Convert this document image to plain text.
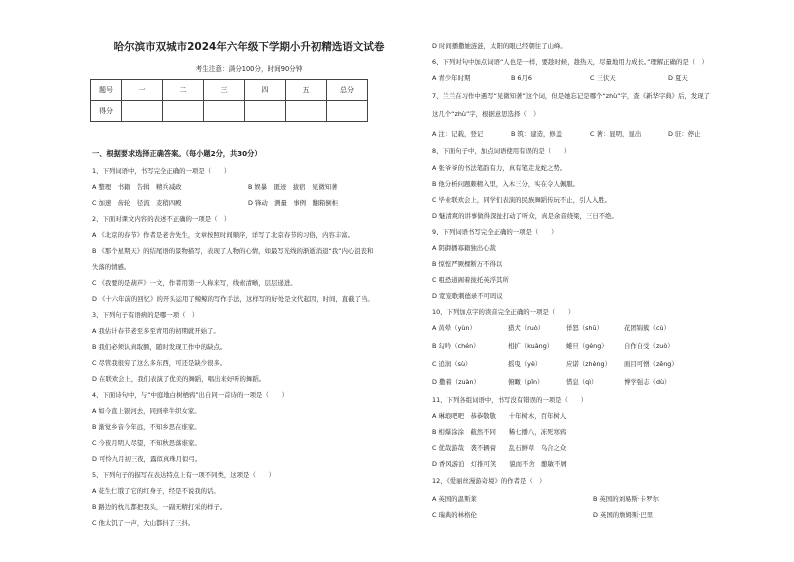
哈尔滨市双城市2024年六年级下学期小升初精选语文试卷
考生注意：满分100分，时间90分钟
题号	一	二	三	四	五	总分
得分						
一、根据要求选择正确答案。（每小题2分，共30分）
1、下列词语中，书写完全正确的一项是（　　）
A 整理　书籍　告辑　精兵减政	B 娱暴　匿迹　拔宿　见微知著
C 加速　齿轮　径流　麦稍四殿	D 锋动　测量　事例　翻箱倒柜
2、下面对课文内容的表述不正确的一项是（　）
A 《北京的春节》作者是老舍先生，文章按照时间顺序，详写了北京春节的习俗，内容丰富。
B 《那个星期天》的结尾语的景物描写，表现了人物的心情，如最写光线的渐逝消退“我”内心沮丧和
失落的情感。
C 《我要的是葫芦》一文，作者用第一人称来写，线索清晰，层层递进。
D 《十六年前的回忆》的开头运用了鲸鲸的写作手法，这样写的好处是文代起因，时间，直截了当。
3、下列句子有语病的是哪一项（　）
A 我估计春节老至多至青用的初期就开始了。
B 我们必须认真取额，随时发现工作中的缺点。
C 尽管我很穷了这么多东西，可还是缺少很多。
D 在联欢会上，我们表演了优美的舞蹈，唱出来好听的舞蹈。
4、下面诗句中，与“中庭地白树栖鸦”出自同一首诗的一项是（　　）
A 如今直上银河去，同到牵牛织女家。
B 渐觉乡音今年远，不知乡思在谁家。
C 今夜月明人尽望，不知秋思落谁家。
D 可怜九月初三夜，露似真珠月似弓。
5、下列句子的描写在表达特点上有一项不同类，这项是（　　）
A 花生仁饿了它的红身子，经是不说我的话。
B 路边的枕儿都把我头，一副无精打采的样子。
C 他太饥了一声，大山都抖了三抖。
D 时间播撒她涟涟，太阳的眼已经朝往了山峰。
6、下列对句中加点词语“人也是一样，要趁时候，趁热天，尽量地用力成长。”理解正确的是（　）
A 青少年时期	B 6月6	C 三伏天	D 夏天
7、兰兰在习作中遇写“见微知著”这个词，但是她忘记是哪个“zhù”字，查《新华字典》后，发现了
这几个“zhù”字，根据意思选择（　）
A 注：记载，登记	B 筑：建造，修盖	C 著：显明，显出	D 驻：停止
8、下面句子中，加点词语使用有误的是（　　）
A 张爷爷的书法笔韵有力，真有笔走龙蛇之势。
B 他分析问题颇精入里，入木三分，实在令人佩服。
C 毕业联欢会上，同学们表演的民族舞蹈传玩不止，引人入胜。
D 魅清爽的讲事做得深扯打动了听众，真是余音绕梁，三日不绝。
9、下列词语书写完全正确的一项是（　　）
A 阴御播寡籍独出心裁
B 惊惶严厥棵断万不得以
C 咀恐道阁着拢托英浮其所
D 宽宠歌刺德录不可吗议
10、下列加点字的读音完全正确的一项是（　　）
A 黄晕（yùn）	猎犬（ruò）	佯怒（shū）	花团锦簇（cù）
B 勾吟（chén）	相扩（kuàng） 蜷旦（géng）	自作自受（zuò）
C 追润（sù）	摇曳（yè）	应诺（zhèng） 面目可憎（zēng）
D 撒着（zuàn）	俯瞰（pǐn）	惜息（qì）	博学强志（dù）
11、下列各组词语中，书写没有错误的一项是（　　）
A 琳琅吧吧　恭恭敬敬　　十年树木，百年树人
B 相爆涂涂　截然不同　　稀七播八，冻死寒鸦
C 优哉游哉　袭不辆膏　　乱石鲜草　乌合之众
D 香风游泊　灯推可笑　　貌而不舍　酿敏不屑
12、《爱丽丝漫游奇境》的作者是（　）
A 英国的温斯莱	B 英国的刘易斯·卡罗尔
C 瑞典的林格伦	D 英国的詹姆斯·巴里
